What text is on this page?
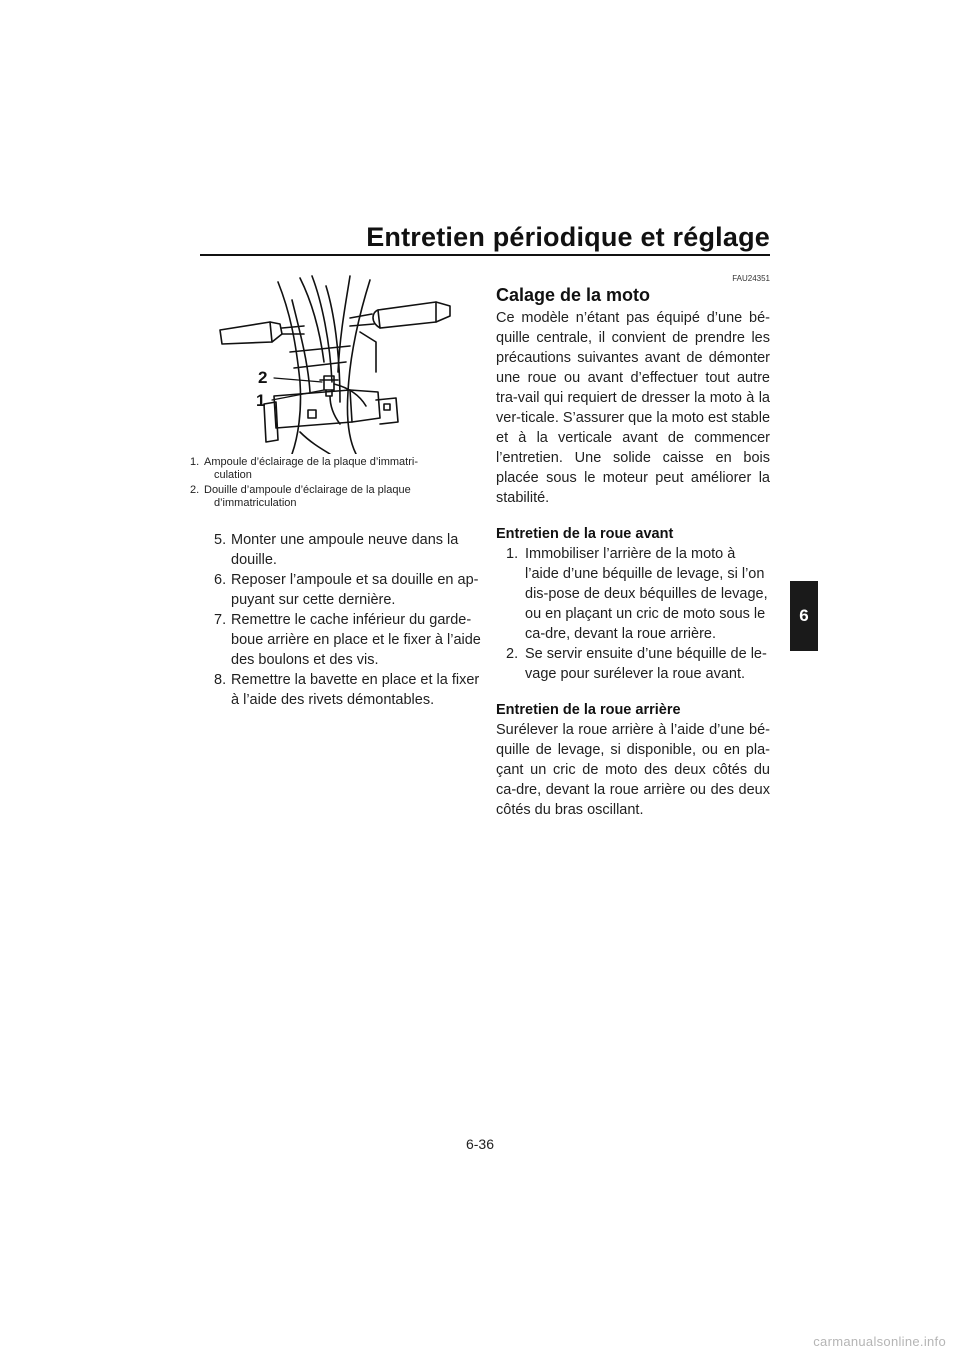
Entretien périodique et réglage
6
2
1
1. Ampoule d’éclairage de la plaque d’immatri-
culation
2. Douille d’ampoule d’éclairage de la plaque
d’immatriculation
5. Monter une ampoule neuve dans la douille.
6. Reposer l’ampoule et sa douille en ap-puyant sur cette dernière.
7. Remettre le cache inférieur du garde-boue arrière en place et le fixer à l’aide des boulons et des vis.
8. Remettre la bavette en place et la fixer à l’aide des rivets démontables.
FAU24351
Calage de la moto

Ce modèle n’étant pas équipé d’une bé-quille centrale, il convient de prendre les précautions suivantes avant de démonter une roue ou avant d’effectuer tout autre tra-vail qui requiert de dresser la moto à la ver-ticale. S’assurer que la moto est stable et à la verticale avant de commencer l’entretien. Une solide caisse en bois placée sous le moteur peut améliorer la stabilité.

Entretien de la roue avant
1. Immobiliser l’arrière de la moto à l’aide d’une béquille de levage, si l’on dis-pose de deux béquilles de levage, ou en plaçant un cric de moto sous le ca-dre, devant la roue arrière.
2. Se servir ensuite d’une béquille de le-vage pour surélever la roue avant.
Entretien de la roue arrière

Surélever la roue arrière à l’aide d’une bé-quille de levage, si disponible, ou en pla-çant un cric de moto des deux côtés du ca-dre, devant la roue arrière ou des deux côtés du bras oscillant.

6-36
carmanualsonline.info
